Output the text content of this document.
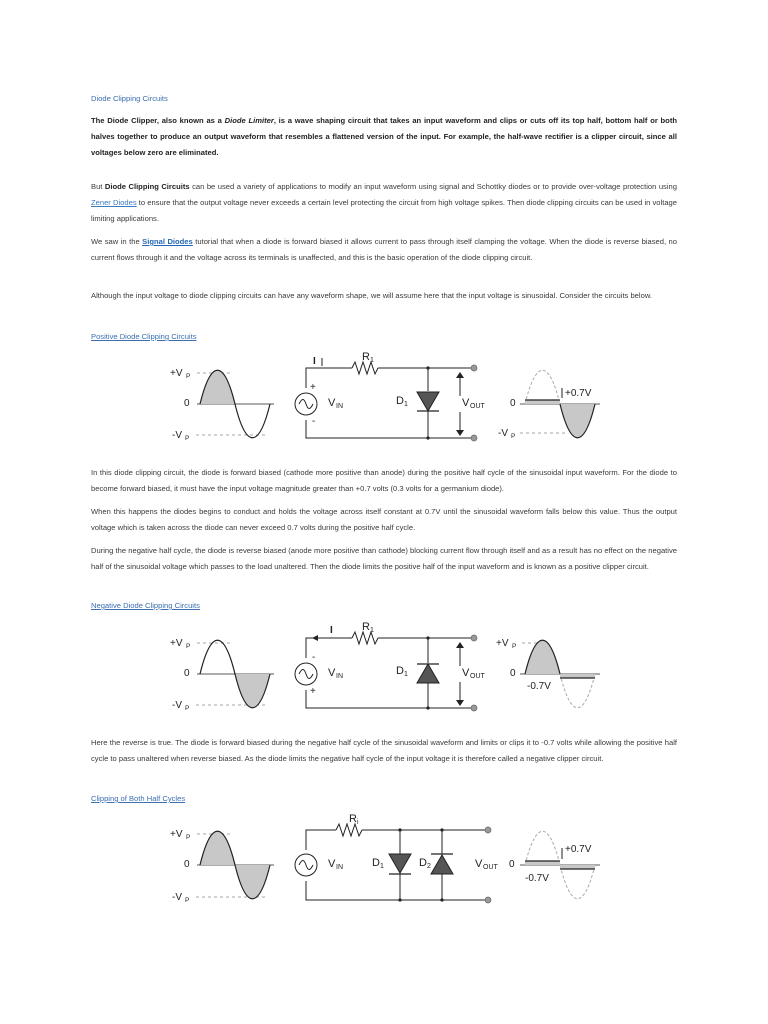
Diode Clipping Circuits
The Diode Clipper, also known as a Diode Limiter, is a wave shaping circuit that takes an input waveform and clips or cuts off its top half, bottom half or both halves together to produce an output waveform that resembles a flattened version of the input. For example, the half-wave rectifier is a clipper circuit, since all voltages below zero are eliminated.
But Diode Clipping Circuits can be used a variety of applications to modify an input waveform using signal and Schottky diodes or to provide over-voltage protection using Zener Diodes to ensure that the output voltage never exceeds a certain level protecting the circuit from high voltage spikes. Then diode clipping circuits can be used in voltage limiting applications.
We saw in the Signal Diodes tutorial that when a diode is forward biased it allows current to pass through itself clamping the voltage. When the diode is reverse biased, no current flows through it and the voltage across its terminals is unaffected, and this is the basic operation of the diode clipping circuit.
Although the input voltage to diode clipping circuits can have any waveform shape, we will assume here that the input voltage is sinusoidal. Consider the circuits below.
Positive Diode Clipping Circuits
+V P
0
-V P
I	R 1
+
-
V IN	D 1	V OUT	0
+0.7V
-V P
In this diode clipping circuit, the diode is forward biased (cathode more positive than anode) during the positive half cycle of the sinusoidal input waveform. For the diode to become forward biased, it must have the input voltage magnitude greater than +0.7 volts (0.3 volts for a germanium diode).
When this happens the diodes begins to conduct and holds the voltage across itself constant at 0.7V until the sinusoidal waveform falls below this value. Thus the output voltage which is taken across the diode can never exceed 0.7 volts during the positive half cycle.
During the negative half cycle, the diode is reverse biased (anode more positive than cathode) blocking current flow through itself and as a result has no effect on the negative half of the sinusoidal voltage which passes to the load unaltered. Then the diode limits the positive half of the input waveform and is known as a positive clipper circuit.
Negative Diode Clipping Circuits
+V P
0
-V P
I	R 1
-
+
V IN	D 1	V OUT
+V P
0
-0.7V
Here the reverse is true. The diode is forward biased during the negative half cycle of the sinusoidal waveform and limits or clips it to -0.7 volts while allowing the positive half cycle to pass unaltered when reverse biased. As the diode limits the negative half cycle of the input voltage it is therefore called a negative clipper circuit.
Clipping of Both Half Cycles
+V P
0
-V P
R i
V IN	D 1	D 2	V OUT 0
+0.7V
-0.7V
